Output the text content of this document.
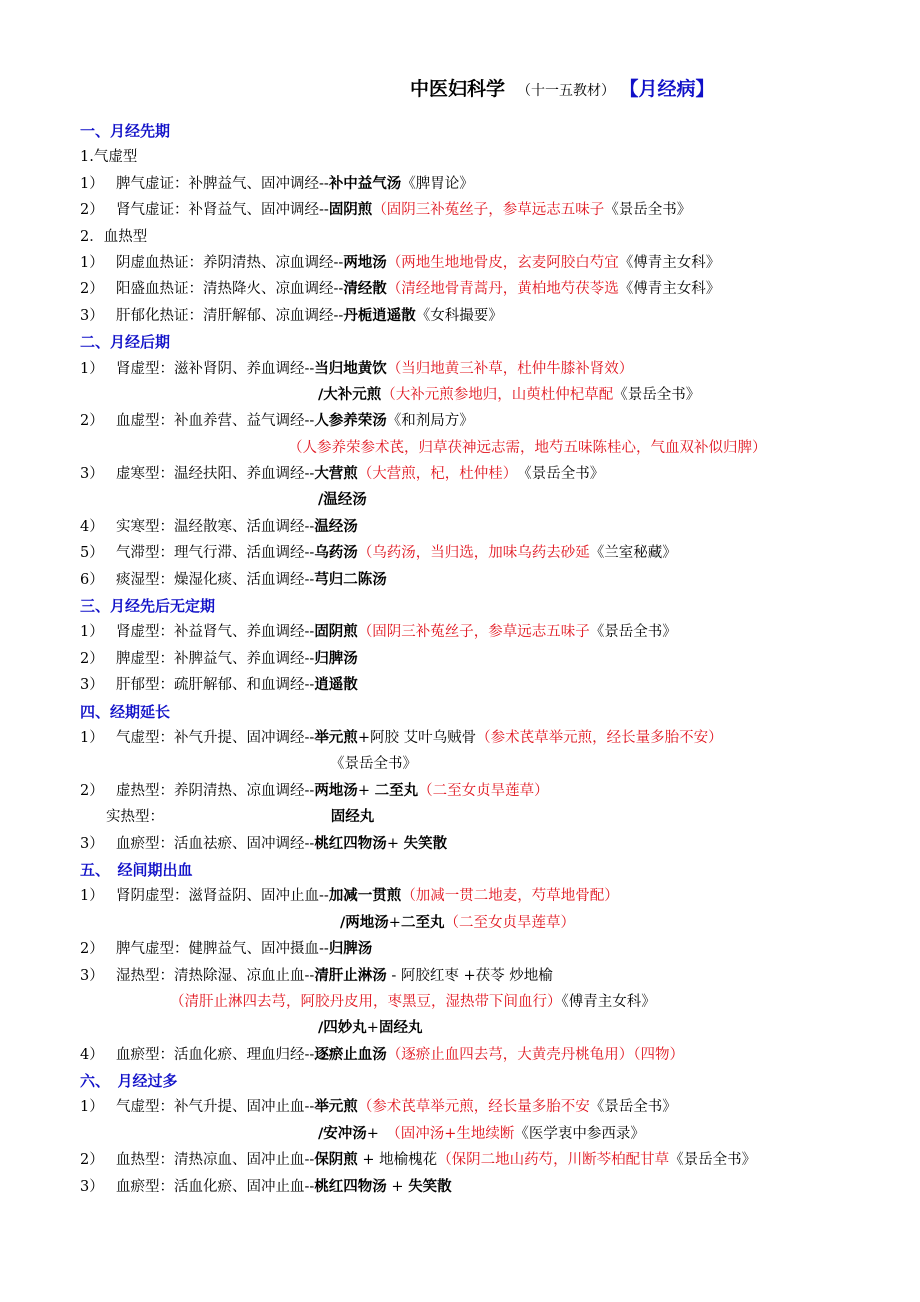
中医妇科学 （十一五教材） 【月经病】
一、月经先期
1.气虚型
1） 脾气虚证：补脾益气、固冲调经--补中益气汤《脾胃论》
2） 肾气虚证：补肾益气、固冲调经--固阴煎（固阴三补菟丝子，参草远志五味子《景岳全书》
2．血热型
1） 阴虚血热证：养阴清热、凉血调经--两地汤（两地生地地骨皮，玄麦阿胶白芍宜《傅青主女科》
2） 阳盛血热证：清热降火、凉血调经--清经散（清经地骨青蒿丹，黄柏地芍茯苓选《傅青主女科》
3） 肝郁化热证：清肝解郁、凉血调经--丹栀逍遥散《女科撮要》
二、月经后期
1） 肾虚型：滋补肾阴、养血调经--当归地黄饮（当归地黄三补草，杜仲牛膝补肾效）
/大补元煎（大补元煎参地归，山萸杜仲杞草配《景岳全书》
2） 血虚型：补血养营、益气调经--人参养荣汤《和剂局方》
（人参养荣参术芪，归草茯神远志需，地芍五味陈桂心，气血双补似归脾）
3） 虚寒型：温经扶阳、养血调经--大营煎（大营煎，杞，杜仲桂）　《景岳全书》
/温经汤
4） 实寒型：温经散寒、活血调经--温经汤
5） 气滞型：理气行滞、活血调经--乌药汤（乌药汤，当归选，加味乌药去砂延《兰室秘藏》
6） 痰湿型：燥湿化痰、活血调经--芎归二陈汤
三、月经先后无定期
1） 肾虚型：补益肾气、养血调经--固阴煎（固阴三补菟丝子，参草远志五味子《景岳全书》
2） 脾虚型：补脾益气、养血调经--归脾汤
3） 肝郁型：疏肝解郁、和血调经--逍遥散
四、经期延长
1） 气虚型：补气升提、固冲调经--举元煎+阿胶 艾叶乌贼骨（参术芪草举元煎，经长量多胎不安）
《景岳全书》
2） 虚热型：养阴清热、凉血调经--两地汤+ 二至丸（二至女贞旱莲草）
实热型：　　　　　　　　　　　　	固经丸
3） 血瘀型：活血祛瘀、固冲调经--桃红四物汤+ 失笑散
五、　经间期出血
1） 肾阴虚型：滋肾益阴、固冲止血--加减一贯煎（加减一贯二地麦，芍草地骨配）
/两地汤+二至丸（二至女贞旱莲草）
2） 脾气虚型：健脾益气、固冲摄血--归脾汤
3） 湿热型：清热除湿、凉血止血--清肝止淋汤 - 阿胶红枣 +茯苓 炒地榆
（清肝止淋四去芎，阿胶丹皮用，枣黑豆，湿热带下间血行）《傅青主女科》
/四妙丸+固经丸
4） 血瘀型：活血化瘀、理血归经--逐瘀止血汤（逐瘀止血四去芎，大黄壳丹桃龟用）（四物）
六、　月经过多
1） 气虚型：补气升提、固冲止血--举元煎（参术芪草举元煎，经长量多胎不安《景岳全书》
/安冲汤+　（固冲汤+生地续断《医学衷中参西录》
2） 血热型：清热凉血、固冲止血--保阴煎 + 地榆槐花（保阴二地山药芍，川断芩柏配甘草《景岳全书》
3） 血瘀型：活血化瘀、固冲止血--桃红四物汤 + 失笑散
